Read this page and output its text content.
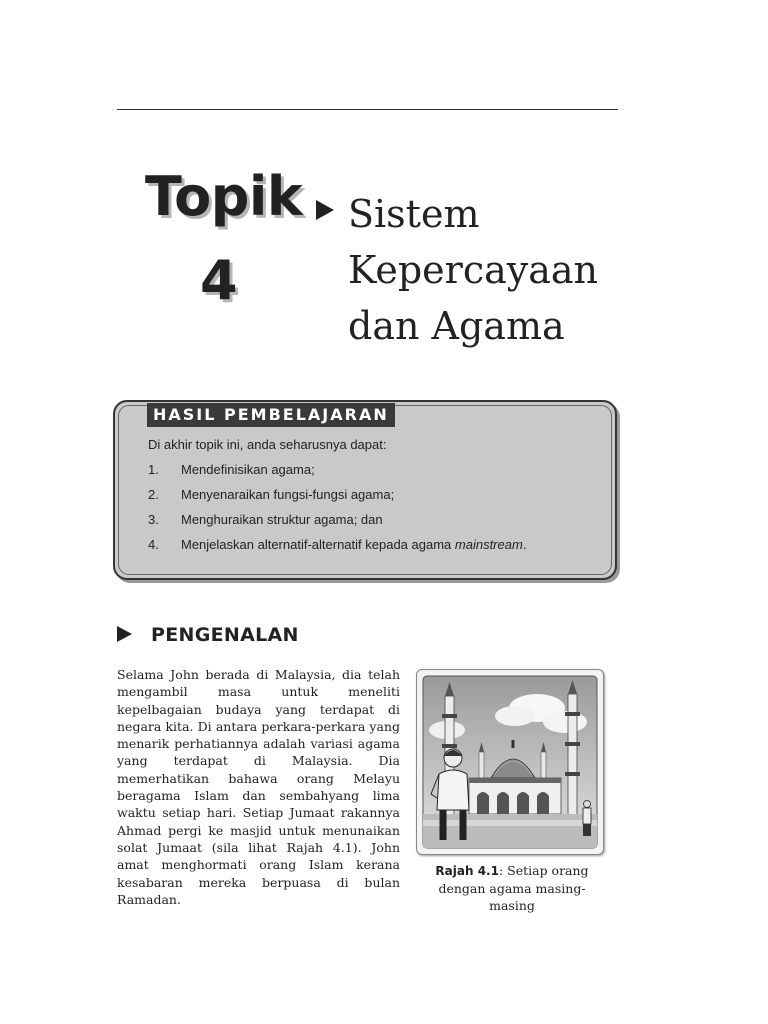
Topik
4
Sistem
Kepercayaan
dan Agama
HASIL PEMBELAJARAN
Di akhir topik ini, anda seharusnya dapat:
1. Mendefinisikan agama;
2. Menyenaraikan fungsi-fungsi agama;
3. Menghuraikan struktur agama; dan
4. Menjelaskan alternatif-alternatif kepada agama mainstream.
PENGENALAN
Selama John berada di Malaysia, dia telah mengambil masa untuk meneliti kepelbagaian budaya yang terdapat di negara kita. Di antara perkara-perkara yang menarik perhatiannya adalah variasi agama yang terdapat di Malaysia. Dia memerhatikan bahawa orang Melayu beragama Islam dan sembahyang lima waktu setiap hari. Setiap Jumaat rakannya Ahmad pergi ke masjid untuk menunaikan solat Jumaat (sila lihat Rajah 4.1). John amat menghormati orang Islam kerana kesabaran mereka berpuasa di bulan Ramadan.
Rajah 4.1: Setiap orang dengan agama masing-masing
